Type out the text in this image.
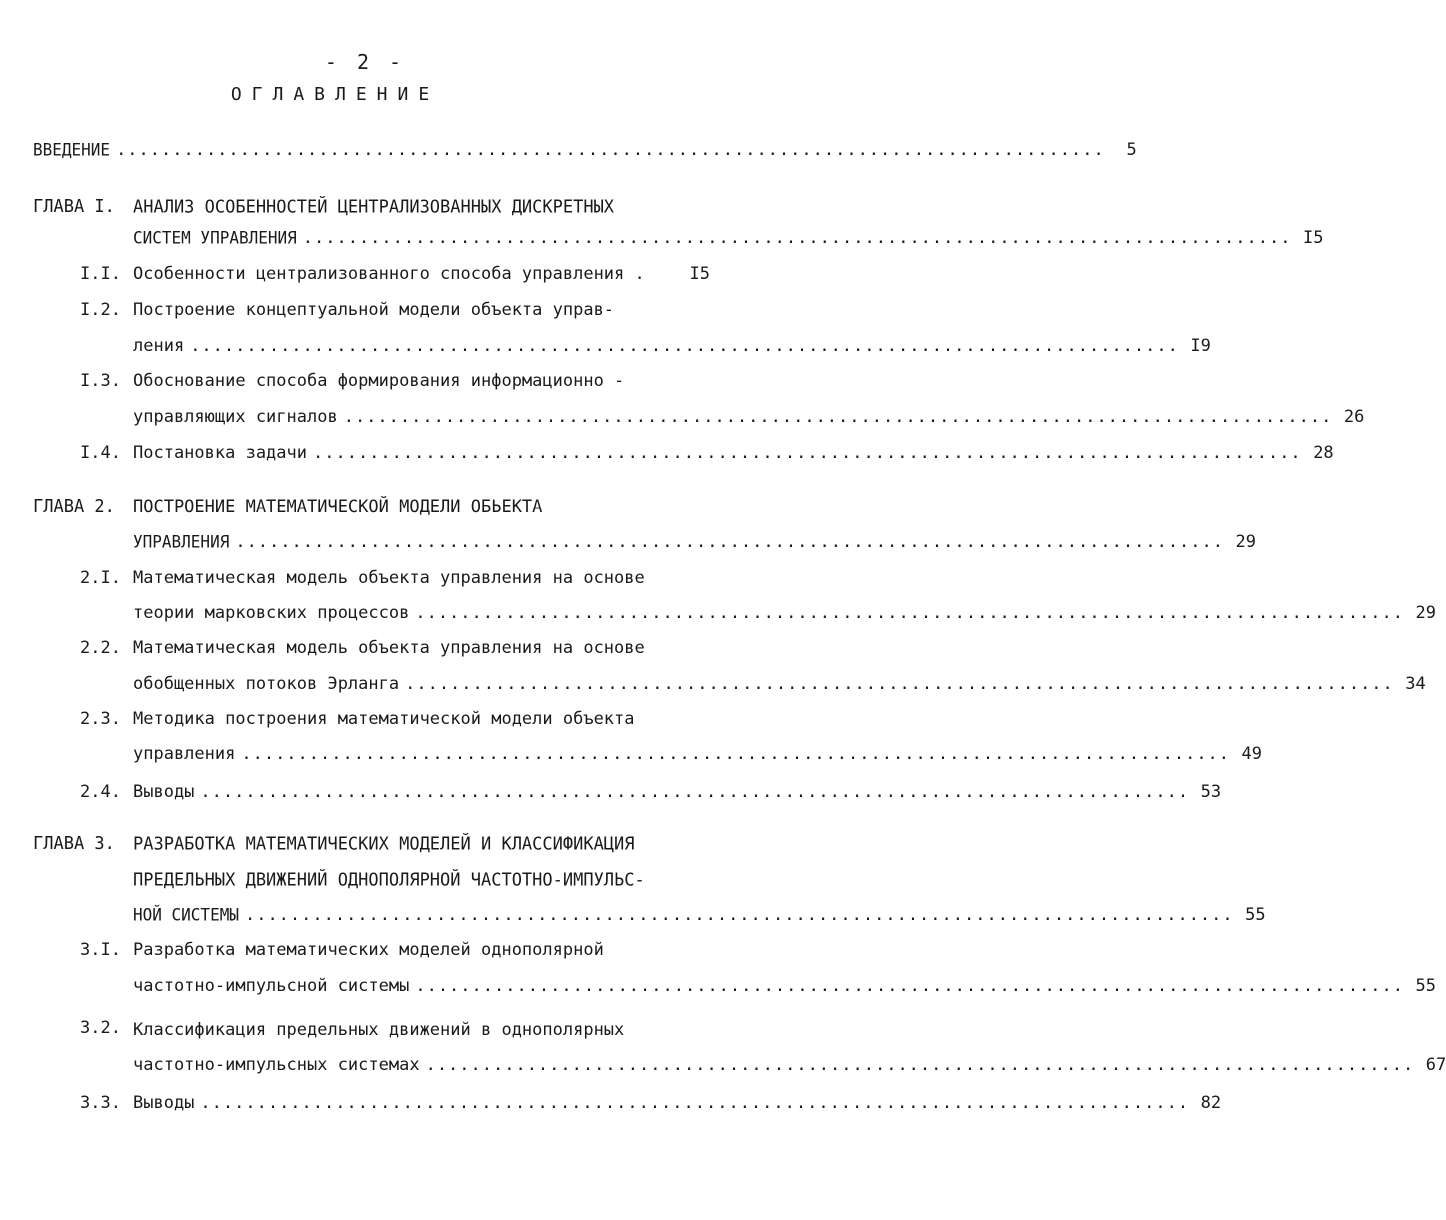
- 2 -
ОГЛАВЛЕНИЕ
ВВЕДЕНИЕ ........................................................................................	5
ГЛАВА I. АНАЛИЗ ОСОБЕННОСТЕЙ ЦЕНТРАЛИЗОВАННЫХ ДИСКРЕТНЫХ
СИСТЕМ УПРАВЛЕНИЯ ........................................................................................ I5
I.I. Особенности централизованного способа управления .	I5
I.2. Построение концептуальной модели объекта управ-
ления ........................................................................................ I9
I.3. Обоснование способа формирования информационно -
управляющих сигналов ........................................................................................ 26
I.4. Постановка задачи ........................................................................................ 28
ГЛАВА 2. ПОСТРОЕНИЕ МАТЕМАТИЧЕСКОЙ МОДЕЛИ ОБЬЕКТА
УПРАВЛЕНИЯ ........................................................................................ 29
2.I. Математическая модель объекта управления на основе
теории марковских процессов ........................................................................................ 29
2.2. Математическая модель объекта управления на основе
обобщенных потоков Эрланга ........................................................................................ 34
2.3. Методика построения математической модели объекта
управления ........................................................................................ 49
2.4. Выводы ........................................................................................ 53
ГЛАВА 3. РАЗРАБОТКА МАТЕМАТИЧЕСКИХ МОДЕЛЕЙ И КЛАССИФИКАЦИЯ
ПРЕДЕЛЬНЫХ ДВИЖЕНИЙ ОДНОПОЛЯРНОЙ ЧАСТОТНО-ИМПУЛЬС-
НОЙ СИСТЕМЫ ........................................................................................ 55
3.I. Разработка математических моделей однополярной
частотно-импульсной системы ........................................................................................ 55
3.2. Классификация предельных движений в однополярных
частотно-импульсных системах ........................................................................................ 67
3.3. Выводы ........................................................................................ 82
